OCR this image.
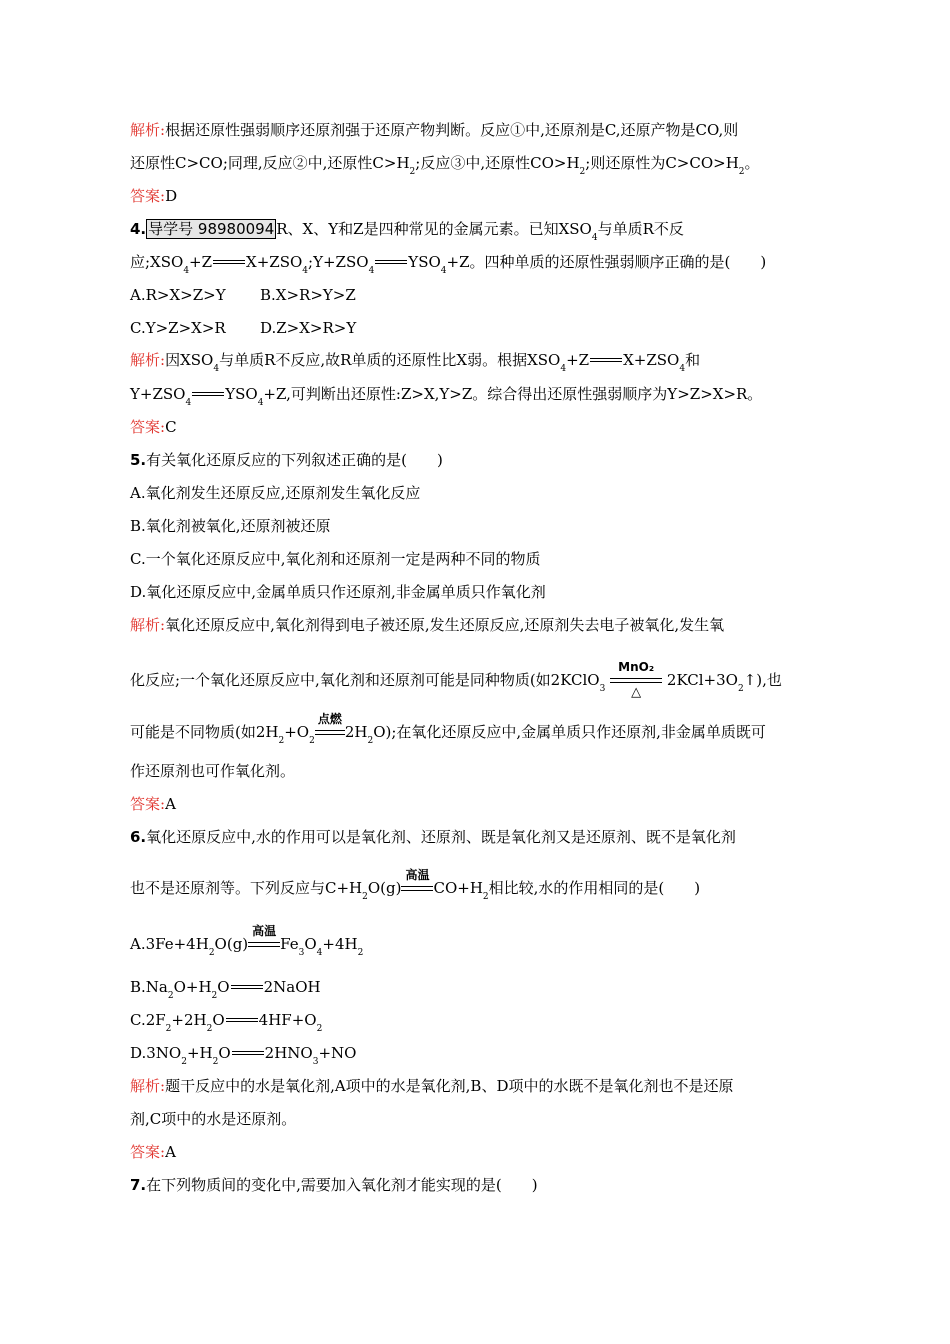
解析:根据还原性强弱顺序还原剂强于还原产物判断。反应①中,还原剂是C,还原产物是CO,则
还原性C>CO;同理,反应②中,还原性$C>H_2$;反应③中,还原性$CO>H_2$;则还原性为$C>CO>H_2$。
答案:D
4. 导学号 98980094 R、X、Y和Z是四种常见的金属元素。已知$XSO_4$与单质R不反
应$;XSO_4+Z$ $X+ZSO_4;Y+ZSO_4$ $YSO_4+Z$。四种单质的还原性强弱顺序正确的是(　　)
A.R>X>Z>Y B.X>R>Y>Z
C.Y>Z>X>R D.Z>X>R>Y
解析:因$XSO_4$与单质R不反应,故R单质的还原性比X弱。根据$XSO_4+Z$ $X+ZSO_4$和
$Y+ZSO_4$ $YSO_4+Z$,可判断出还原性:Z>X,Y>Z。综合得出还原性强弱顺序为Y>Z>X>R。
答案:C
5.有关氧化还原反应的下列叙述正确的是(　　)
A.氧化剂发生还原反应,还原剂发生氧化反应
B.氧化剂被氧化,还原剂被还原
C.一个氧化还原反应中,氧化剂和还原剂一定是两种不同的物质
D.氧化还原反应中,金属单质只作还原剂,非金属单质只作氧化剂
解析:氧化还原反应中,氧化剂得到电子被还原,发生还原反应,还原剂失去电子被氧化,发生氧
化反应;一个氧化还原反应中,氧化剂和还原剂可能是同种物质(如2KClO$_3$
MnO₂
△
$2KCl+3O_2↑$),也
可能是不同物质(如$2H_2+O_2$
点燃
$2H_2O$);在氧化还原反应中,金属单质只作还原剂,非金属单质既可
作还原剂也可作氧化剂。
答案:A
6.氧化还原反应中,水的作用可以是氧化剂、还原剂、既是氧化剂又是还原剂、既不是氧化剂
也不是还原剂等。下列反应与$C+H_2O(g)$
高温
$CO+H_2$相比较,水的作用相同的是(　　)
$A.3Fe+4H_2O(g)$
高温
$Fe_3O_4+4H_2$
$B.Na_2O+H_2O$ 2NaOH
$C.2F_2+2H_2O$ $4HF+O_2$
$D.3NO_2+H_2O$ $2HNO_3+NO$
解析:题干反应中的水是氧化剂,A项中的水是氧化剂,B、D项中的水既不是氧化剂也不是还原
剂,C项中的水是还原剂。
答案:A
7.在下列物质间的变化中,需要加入氧化剂才能实现的是(　　)
